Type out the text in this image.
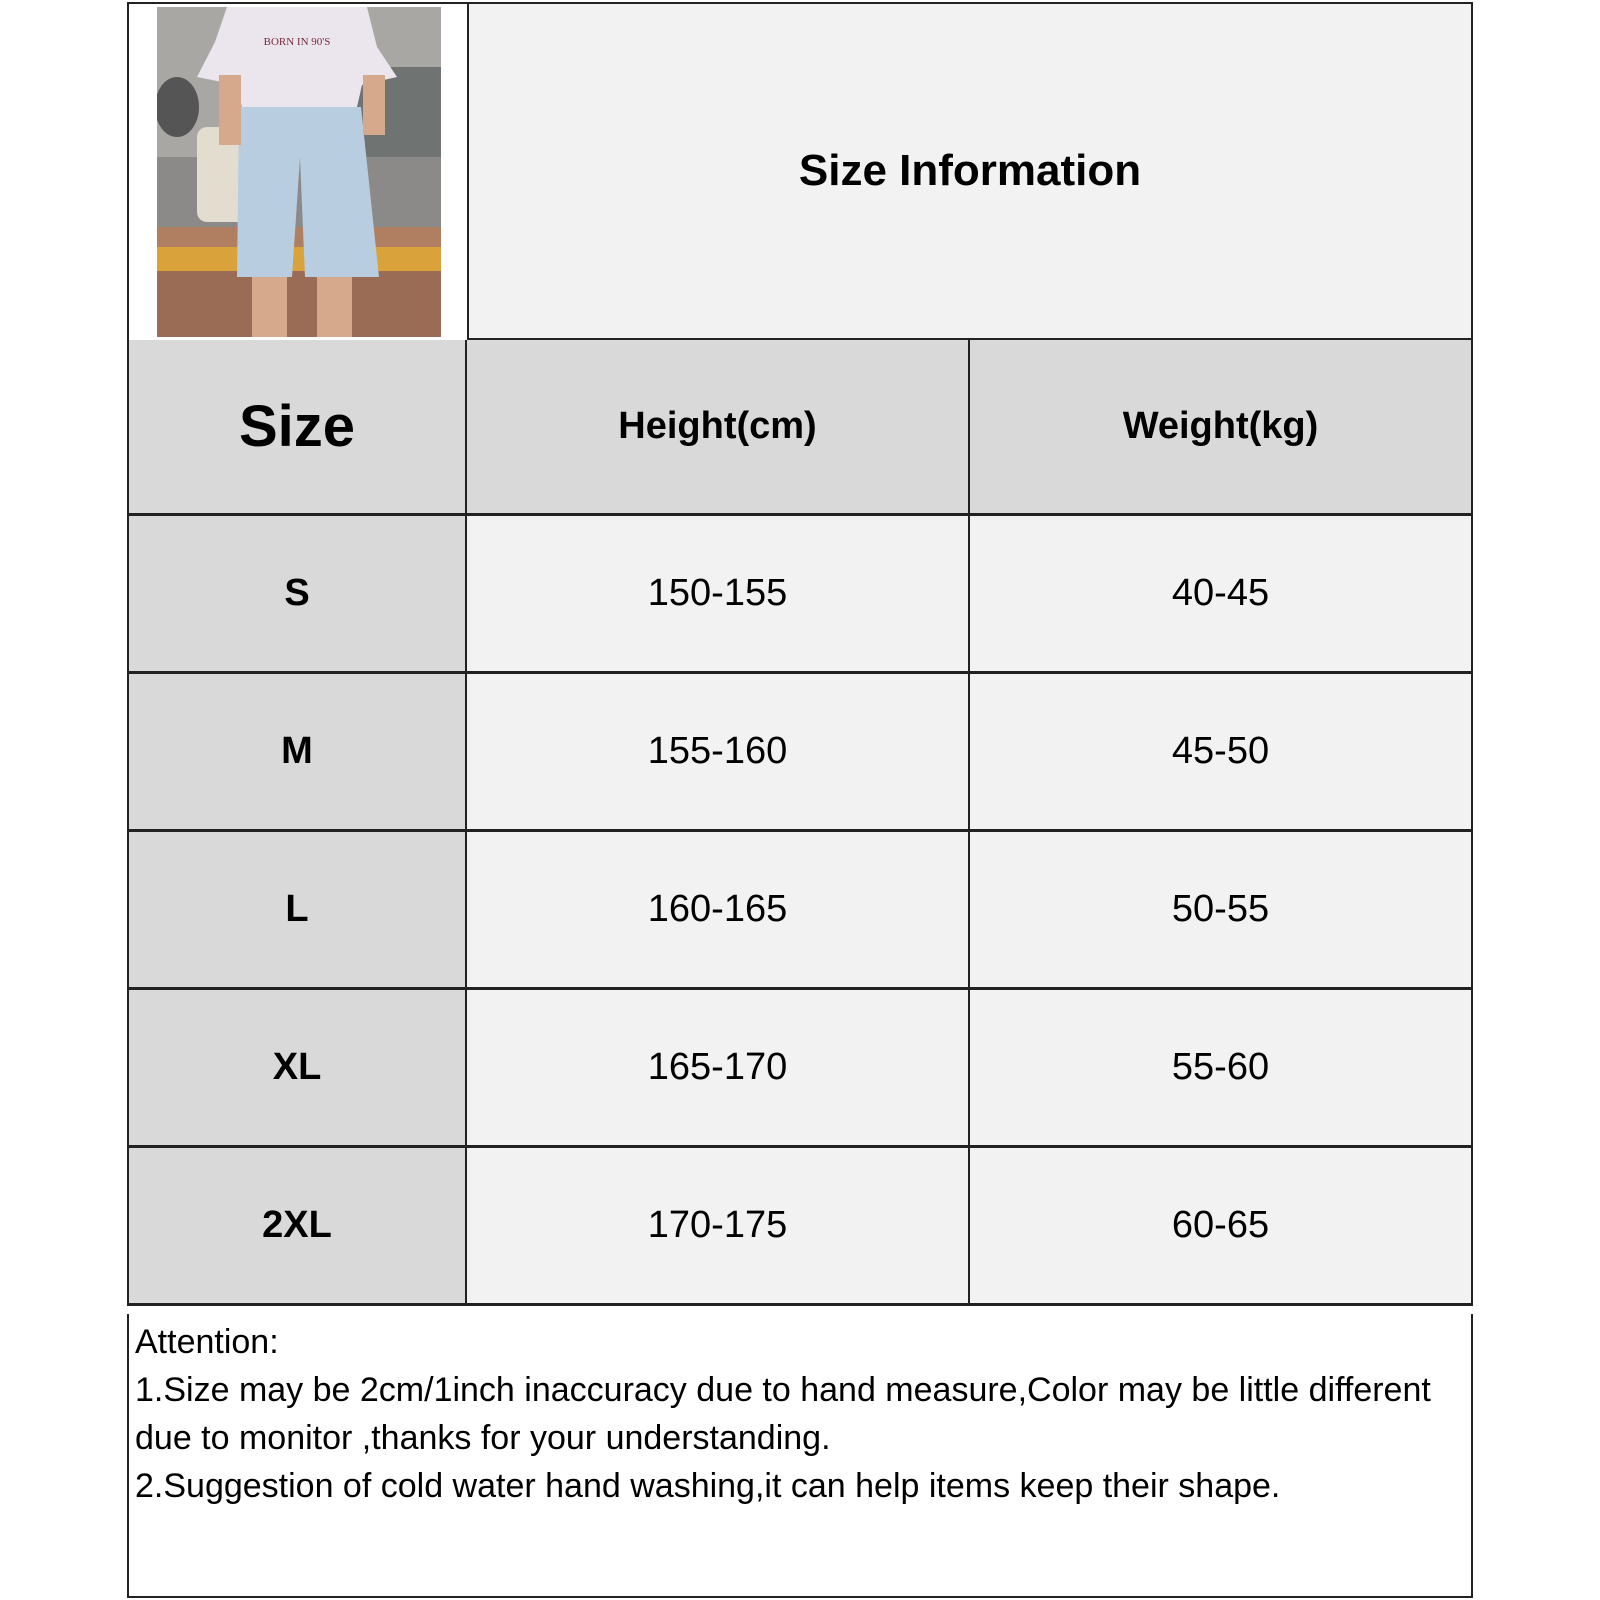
BORN IN 90'S
Size Information
Size	Height(cm)	Weight(kg)
S	150-155	40-45
M	155-160	45-50
L	160-165	50-55
XL	165-170	55-60
2XL	170-175	60-65
Attention:
1.Size may be 2cm/1inch inaccuracy due to hand measure,Color may be little different due to monitor ,thanks for your understanding.
2.Suggestion of cold water hand washing,it can help items keep their shape.
